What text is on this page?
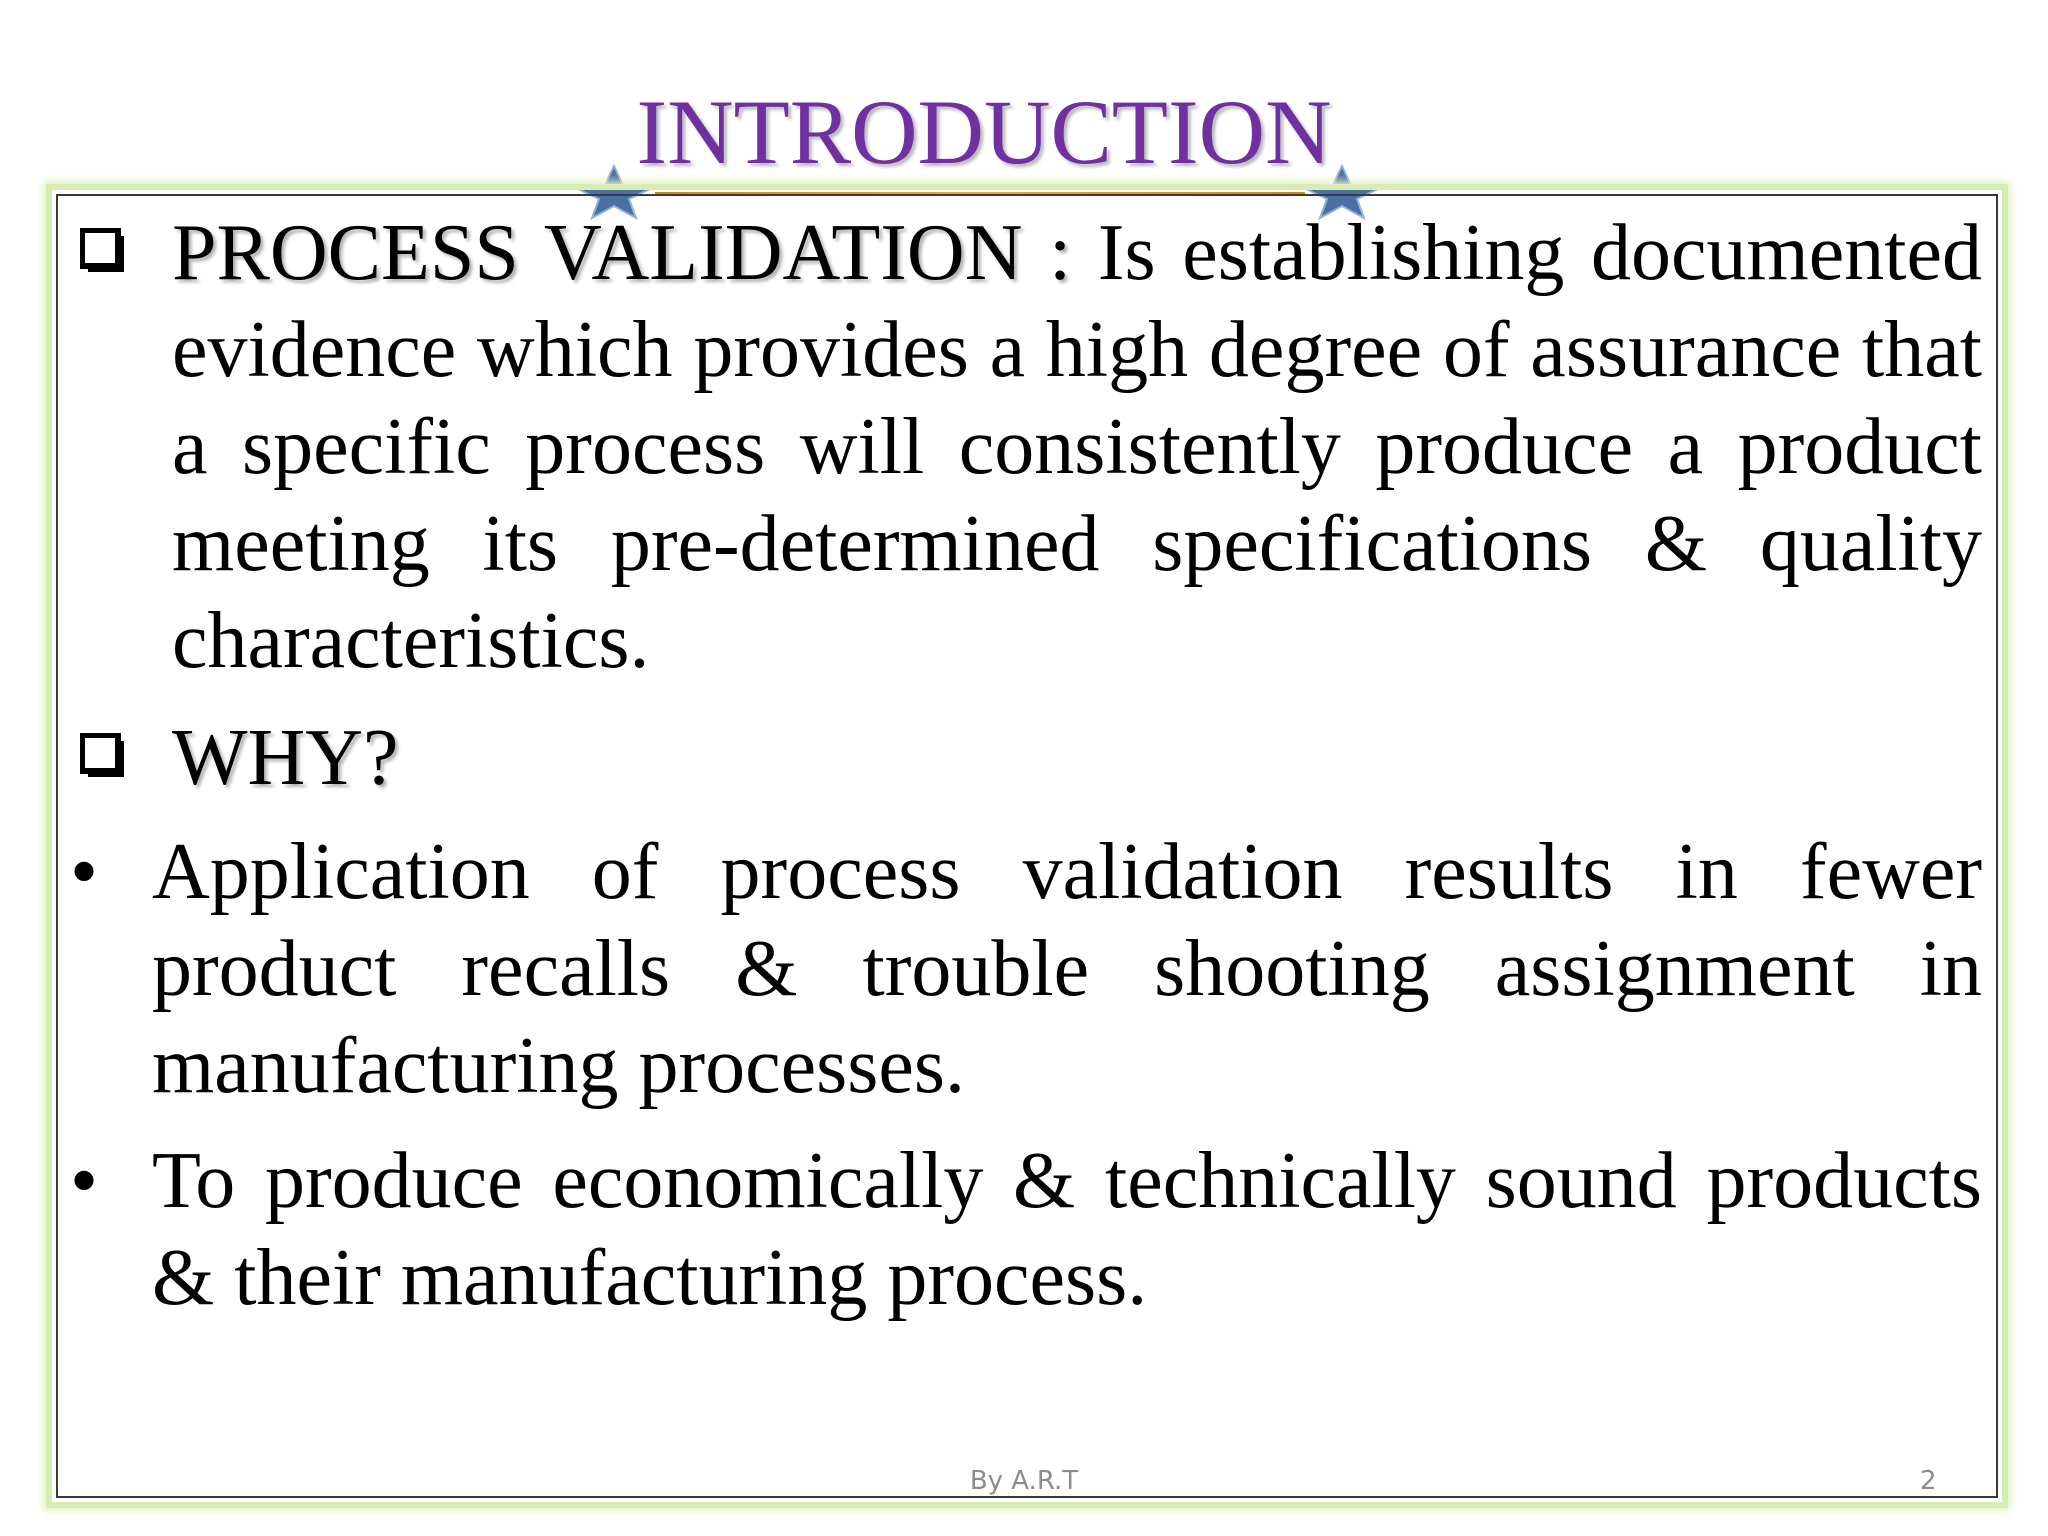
INTRODUCTION

PROCESS VALIDATION : Is establishing documented evidence which provides a high degree of assurance that a specific process will consistently produce a product meeting its pre-determined specifications & quality characteristics.

WHY?

• Application of process validation results in fewer product recalls & trouble shooting assignment in manufacturing processes.

• To produce economically & technically sound products & their manufacturing process.

By A.R.T	2
